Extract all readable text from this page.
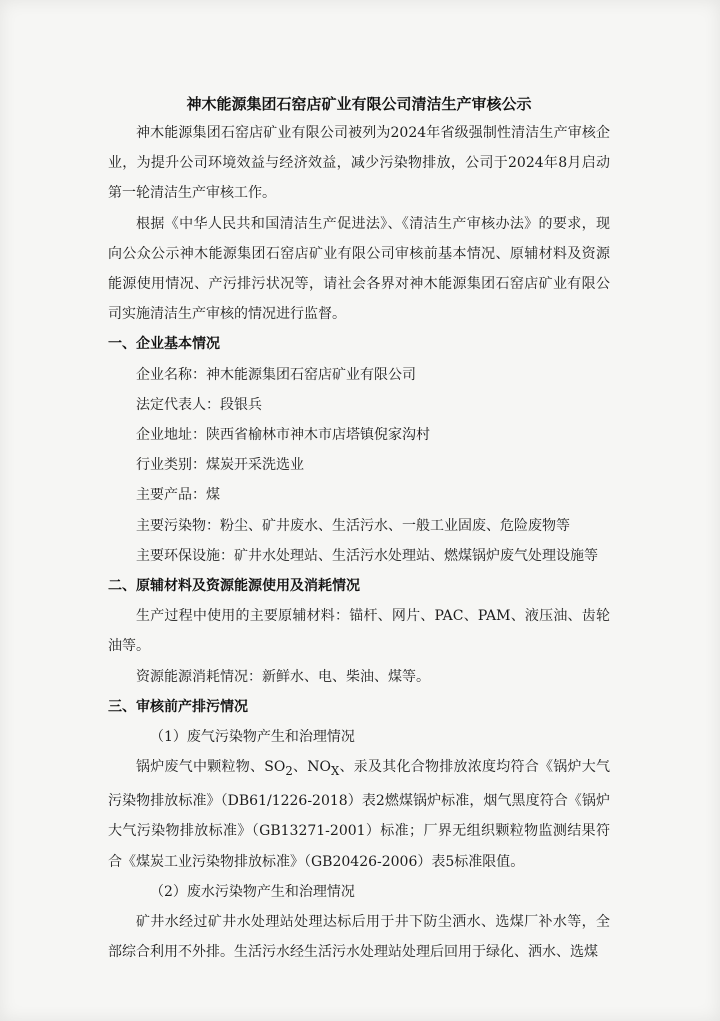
神木能源集团石窑店矿业有限公司清洁生产审核公示

神木能源集团石窑店矿业有限公司被列为2024年省级强制性清洁生产审核企业，为提升公司环境效益与经济效益，减少污染物排放，公司于2024年8月启动第一轮清洁生产审核工作。

根据《中华人民共和国清洁生产促进法》、《清洁生产审核办法》的要求，现向公众公示神木能源集团石窑店矿业有限公司审核前基本情况、原辅材料及资源能源使用情况、产污排污状况等，请社会各界对神木能源集团石窑店矿业有限公司实施清洁生产审核的情况进行监督。

一、企业基本情况

企业名称：神木能源集团石窑店矿业有限公司

法定代表人：段银兵

企业地址：陕西省榆林市神木市店塔镇倪家沟村

行业类别：煤炭开采洗选业

主要产品：煤

主要污染物：粉尘、矿井废水、生活污水、一般工业固废、危险废物等

主要环保设施：矿井水处理站、生活污水处理站、燃煤锅炉废气处理设施等

二、原辅材料及资源能源使用及消耗情况

生产过程中使用的主要原辅材料：锚杆、网片、PAC、PAM、液压油、齿轮油等。

资源能源消耗情况：新鲜水、电、柴油、煤等。

三、审核前产排污情况

（1）废气污染物产生和治理情况

锅炉废气中颗粒物、$SO_2$、$NO_X$、汞及其化合物排放浓度均符合《锅炉大气污染物排放标准》（DB61/1226-2018）表2燃煤锅炉标准，烟气黑度符合《锅炉大气污染物排放标准》（GB13271-2001）标准；厂界无组织颗粒物监测结果符合《煤炭工业污染物排放标准》（GB20426-2006）表5标准限值。

（2）废水污染物产生和治理情况

矿井水经过矿井水处理站处理达标后用于井下防尘洒水、选煤厂补水等，全部综合利用不外排。生活污水经生活污水处理站处理后回用于绿化、洒水、选煤
